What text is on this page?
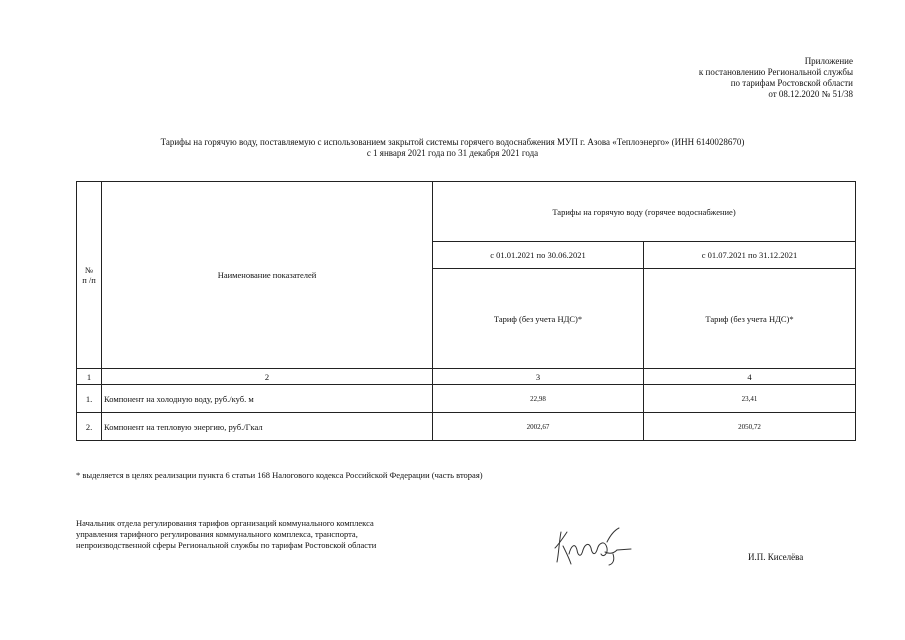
Приложение
к постановлению Региональной службы
по тарифам Ростовской области
от 08.12.2020 № 51/38
Тарифы на горячую воду, поставляемую с использованием закрытой системы горячего водоснабжения МУП г. Азова «Теплоэнерго» (ИНН 6140028670)
с 1 января 2021 года по 31 декабря 2021 года
№
п /п	Наименование показателей	Тарифы на горячую воду (горячее водоснабжение)	
		с 01.01.2021 по 30.06.2021	с 01.07.2021 по 31.12.2021
		Тариф (без учета НДС)*	Тариф (без учета НДС)*
1	2	3	4
1.	Компонент на холодную воду, руб./куб. м	22,98	23,41
2.	Компонент на тепловую энергию, руб./Гкал	2002,67	2050,72
* выделяется в целях реализации пункта 6 статьи 168 Налогового кодекса Российской Федерации (часть вторая)
Начальник отдела регулирования тарифов организаций коммунального комплекса
управления тарифного регулирования коммунального комплекса, транспорта,
непроизводственной сферы Региональной службы по тарифам Ростовской области
И.П. Киселёва
